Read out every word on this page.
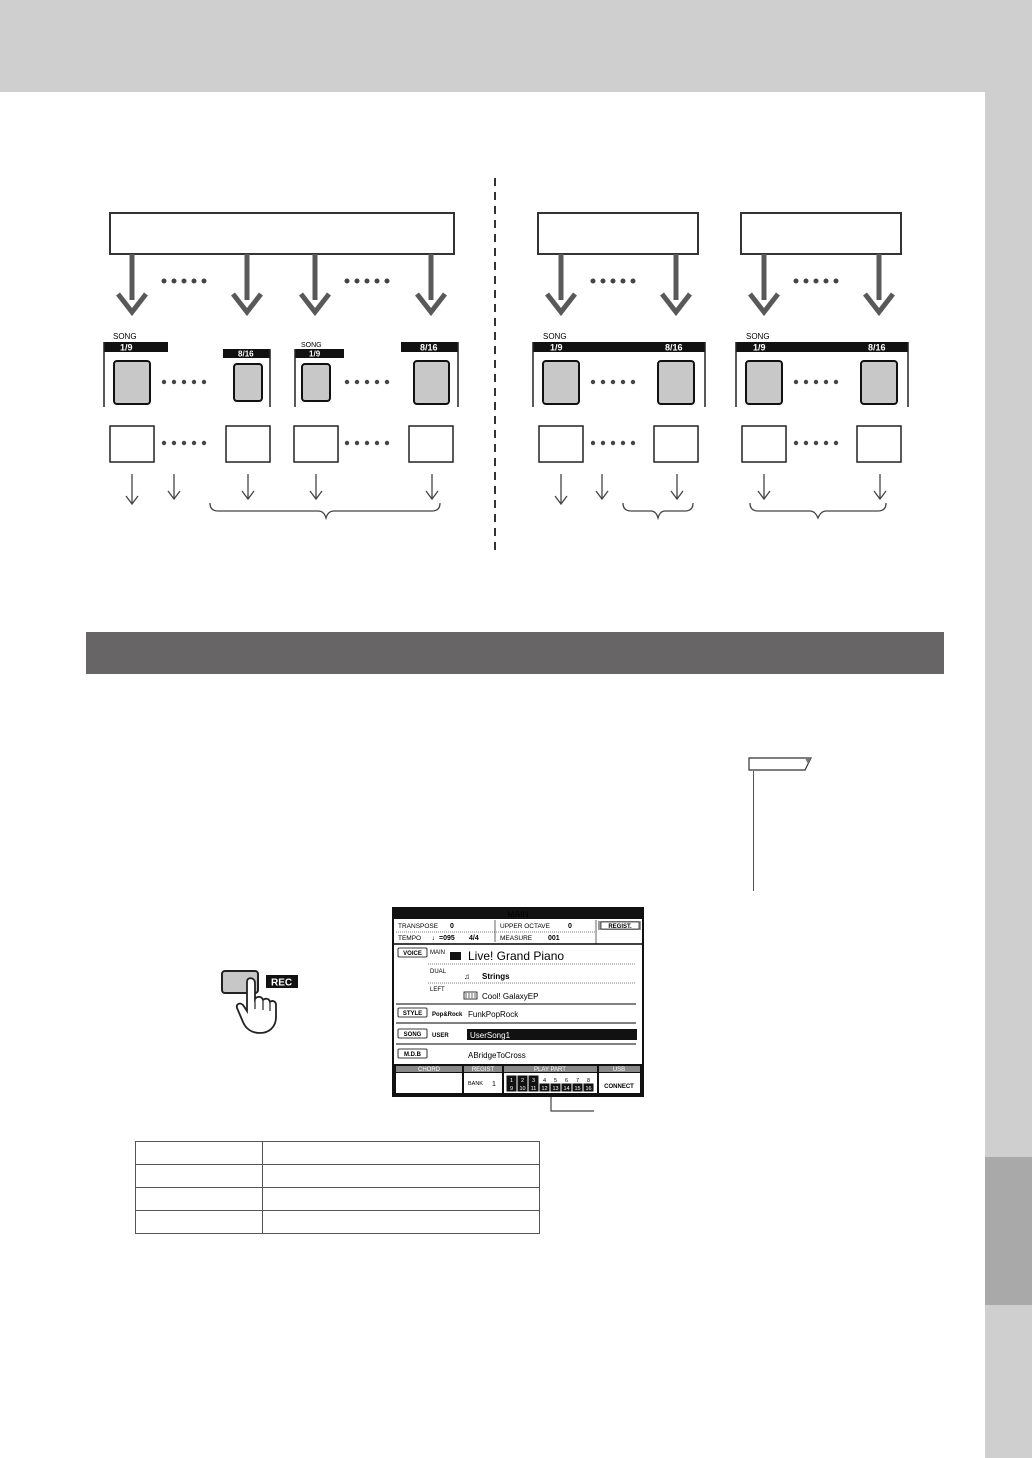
SONG
1/9
8/16
SONG
1/9
8/16
SONG
1/9	8/16
SONG
1/9	8/16
REC
MAIN
TRANSPOSE 0	UPPER OCTAVE	0	REGIST.
TEMPO ♩=095 4/4	MEASURE 001
VOICE MAIN Live! Grand Piano
DUAL ♫ Strings
LEFT
Cool! GalaxyEP
STYLE Pop&Rock FunkPopRock
SONG USER	UserSong1
M.D.B	ABridgeToCross
CHORD	REGIST
BANK 1
PLAY PART
1 2 3 4 5 6 7 8
9 10 11 12 13 14 15 16
USB
CONNECT
